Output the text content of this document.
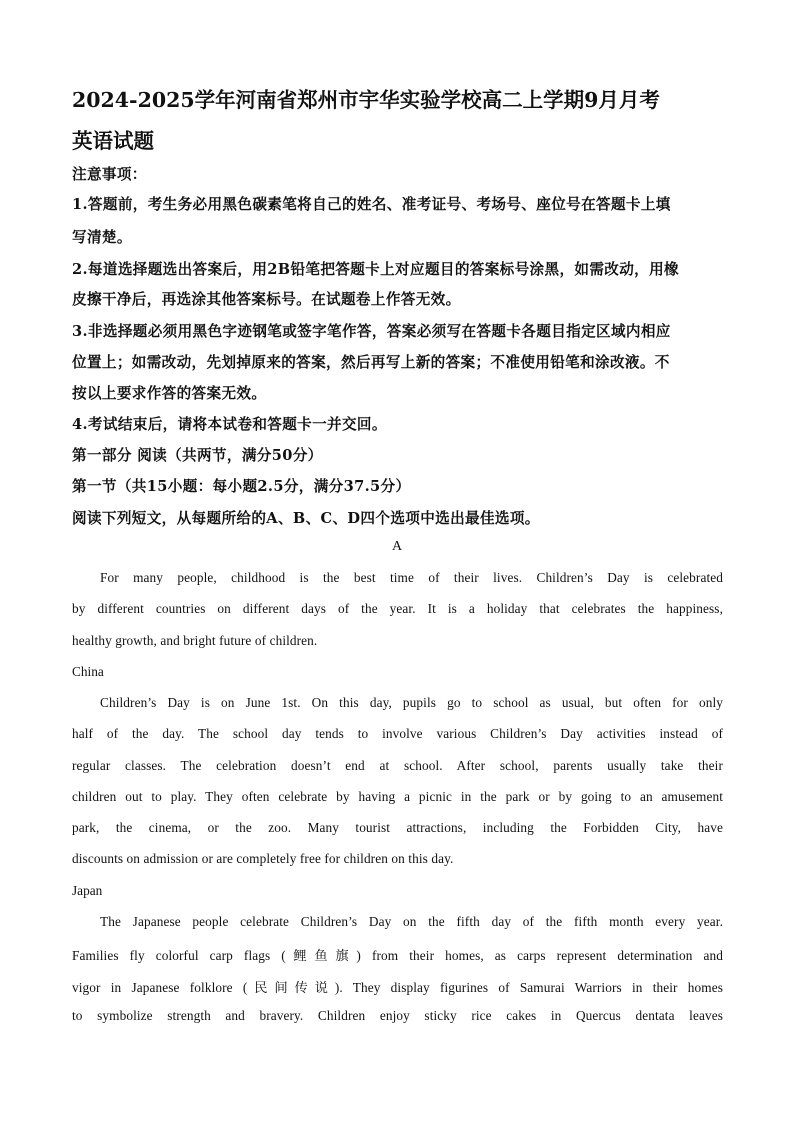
2024-2025学年河南省郑州市宇华实验学校高二上学期9月月考
英语试题
注意事项：
1.答题前，考生务必用黑色碳素笔将自己的姓名、准考证号、考场号、座位号在答题卡上填
写清楚。
2.每道选择题选出答案后，用2B铅笔把答题卡上对应题目的答案标号涂黑，如需改动，用橡
皮擦干净后，再选涂其他答案标号。在试题卷上作答无效。
3.非选择题必须用黑色字迹钢笔或签字笔作答，答案必须写在答题卡各题目指定区域内相应
位置上；如需改动，先划掉原来的答案，然后再写上新的答案；不准使用铅笔和涂改液。不
按以上要求作答的答案无效。
4.考试结束后，请将本试卷和答题卡一并交回。
第一部分 阅读（共两节，满分50分）
第一节（共15小题：每小题2.5分，满分37.5分）
阅读下列短文，从每题所给的A、B、C、D四个选项中选出最佳选项。
A
For many people, childhood is the best time of their lives. Children’s Day is celebrated
by different countries on different days of the year. It is a holiday that celebrates the happiness,
healthy growth, and bright future of children.
China
Children’s Day is on June 1st. On this day, pupils go to school as usual, but often for only
half of the day. The school day tends to involve various Children’s Day activities instead of
regular classes. The celebration doesn’t end at school. After school, parents usually take their
children out to play. They often celebrate by having a picnic in the park or by going to an amusement
park, the cinema, or the zoo. Many tourist attractions, including the Forbidden City, have
discounts on admission or are completely free for children on this day.
Japan
The Japanese people celebrate Children’s Day on the fifth day of the fifth month every year.
Families fly colorful carp flags (鲤鱼旗) from their homes, as carps represent determination and
vigor in Japanese folklore (民间传说). They display figurines of Samurai Warriors in their homes
to symbolize strength and bravery. Children enjoy sticky rice cakes in Quercus dentata leaves
